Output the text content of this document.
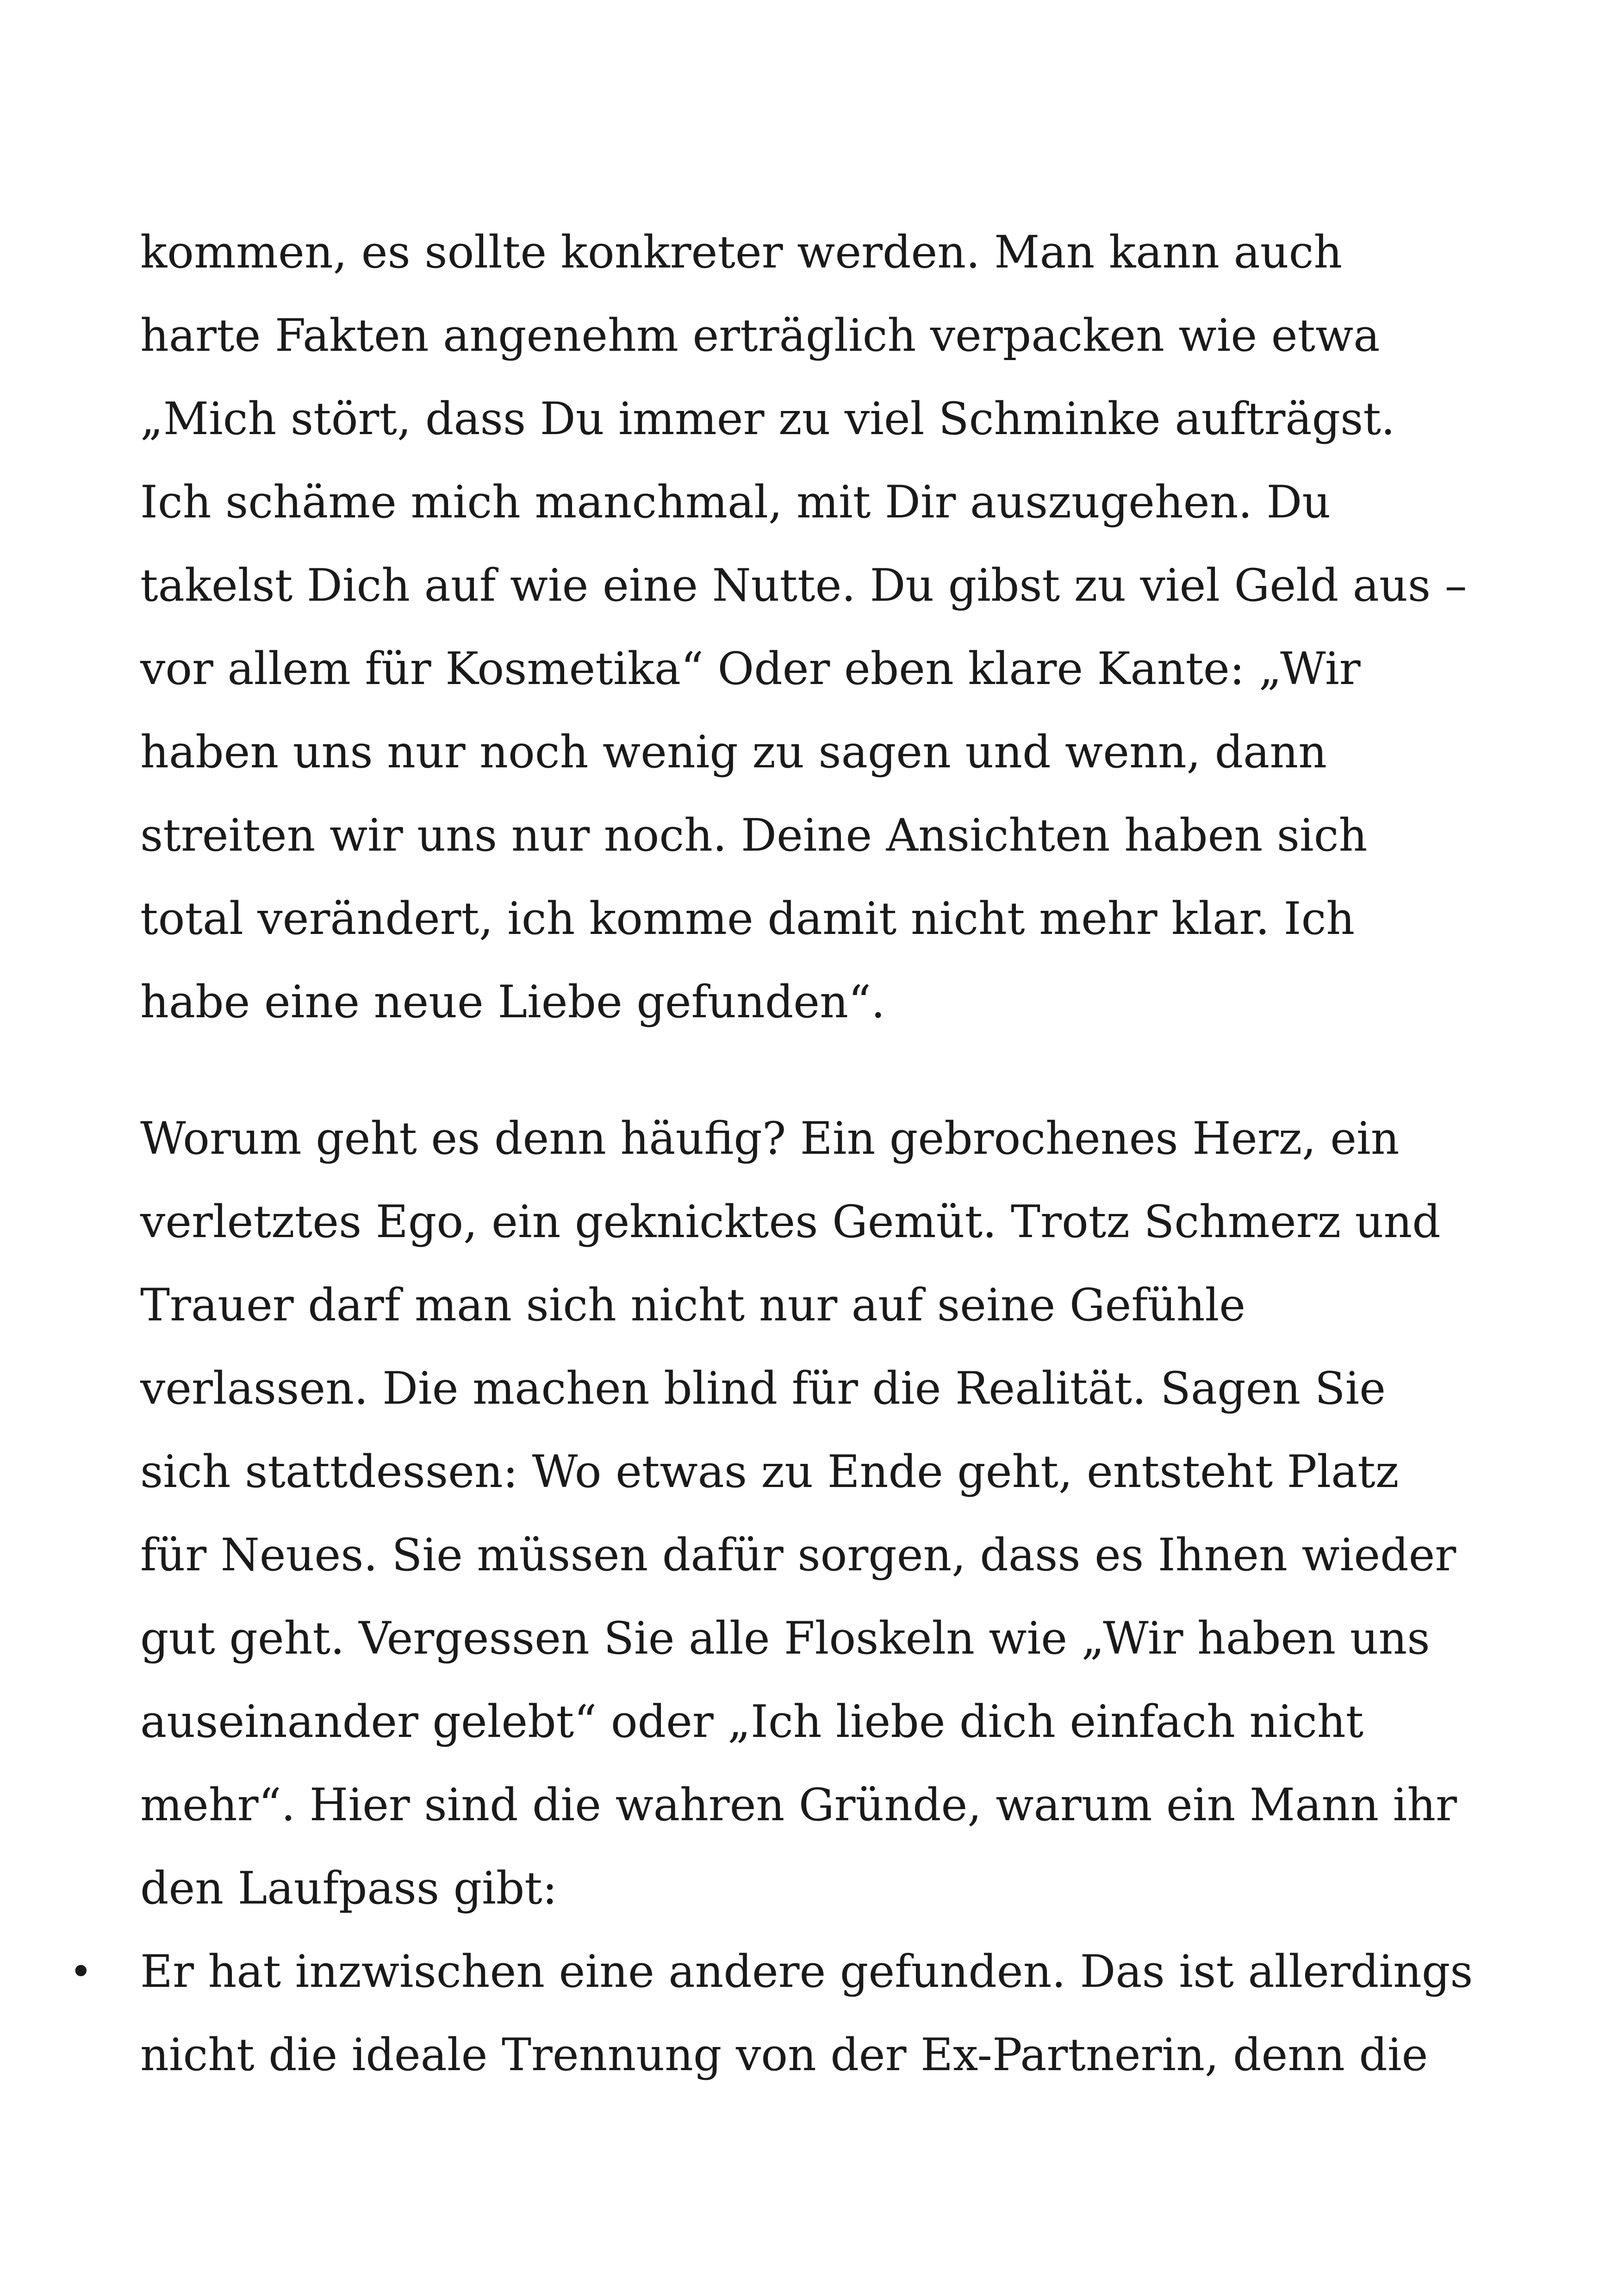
kommen, es sollte konkreter werden. Man kann auch
harte Fakten angenehm erträglich verpacken wie etwa
„Mich stört, dass Du immer zu viel Schminke aufträgst.
Ich schäme mich manchmal, mit Dir auszugehen. Du
takelst Dich auf wie eine Nutte. Du gibst zu viel Geld aus –
vor allem für Kosmetika“ Oder eben klare Kante: „Wir
haben uns nur noch wenig zu sagen und wenn, dann
streiten wir uns nur noch. Deine Ansichten haben sich
total verändert, ich komme damit nicht mehr klar. Ich
habe eine neue Liebe gefunden“.
Worum geht es denn häufig? Ein gebrochenes Herz, ein
verletztes Ego, ein geknicktes Gemüt. Trotz Schmerz und
Trauer darf man sich nicht nur auf seine Gefühle
verlassen. Die machen blind für die Realität. Sagen Sie
sich stattdessen: Wo etwas zu Ende geht, entsteht Platz
für Neues. Sie müssen dafür sorgen, dass es Ihnen wieder
gut geht. Vergessen Sie alle Floskeln wie „Wir haben uns
auseinander gelebt“ oder „Ich liebe dich einfach nicht
mehr“. Hier sind die wahren Gründe, warum ein Mann ihr
den Laufpass gibt:
• Er hat inzwischen eine andere gefunden. Das ist allerdings
nicht die ideale Trennung von der Ex-Partnerin, denn die
